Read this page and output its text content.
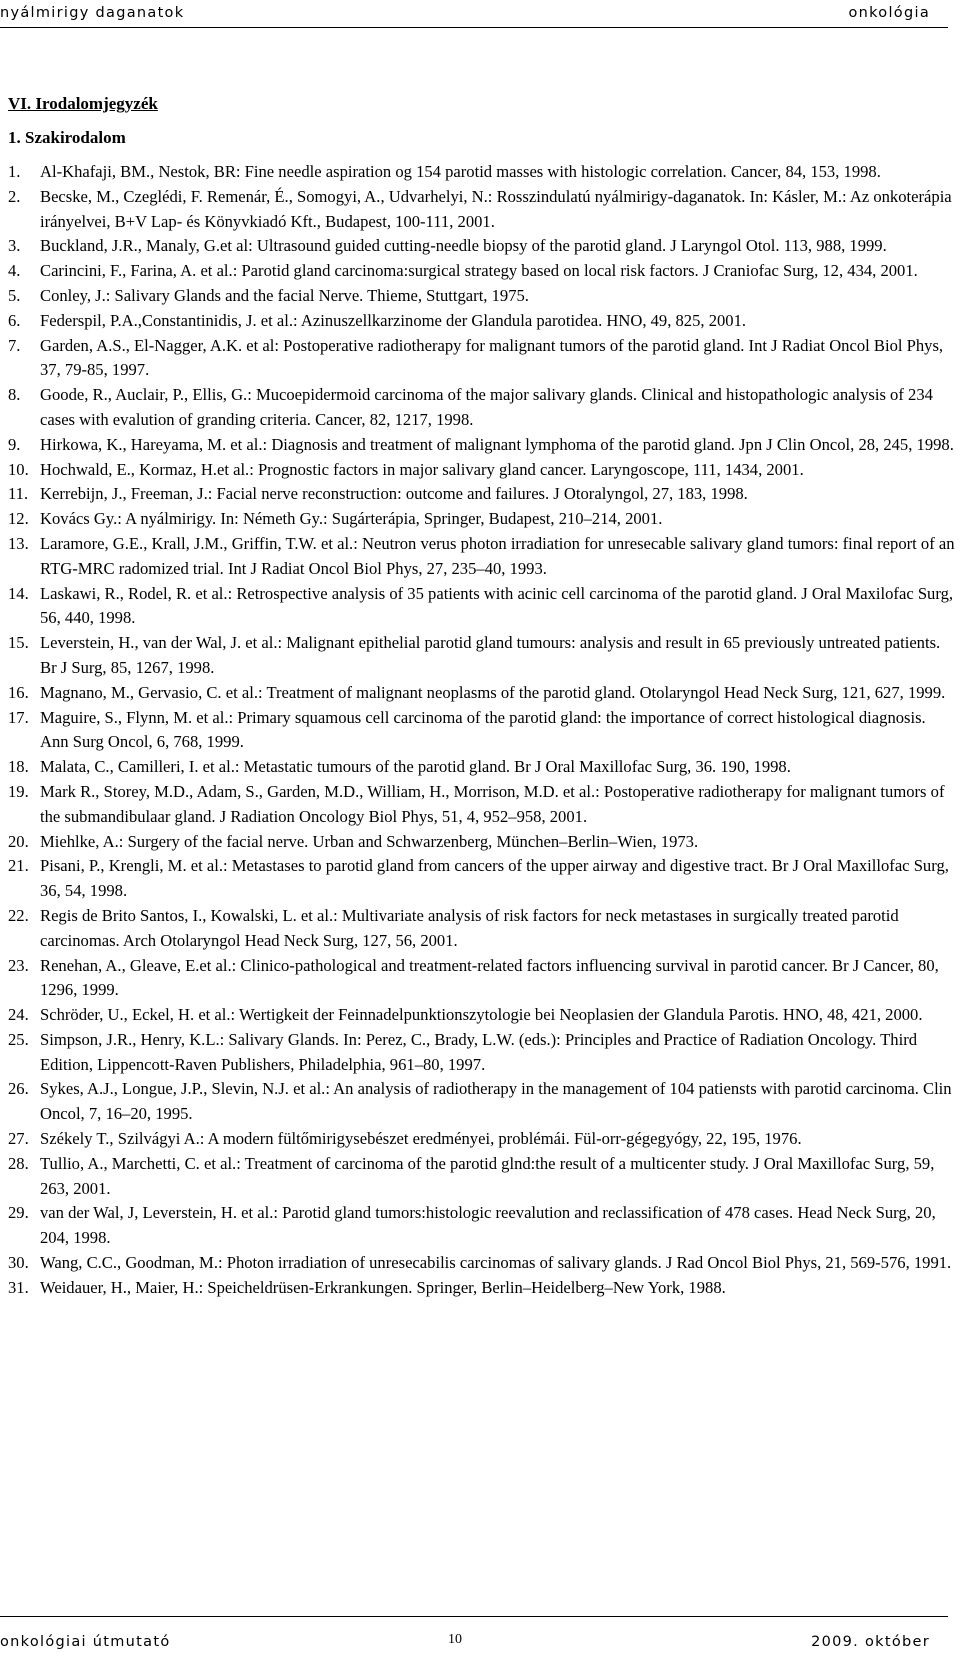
nyálmirigy daganatok	onkológia
VI. Irodalomjegyzék
1. Szakirodalom
1. Al-Khafaji, BM., Nestok, BR: Fine needle aspiration og 154 parotid masses with histologic correlation. Cancer, 84, 153, 1998.
2. Becske, M., Czeglédi, F. Remenár, É., Somogyi, A., Udvarhelyi, N.: Rosszindulatú nyálmirigy-daganatok. In: Kásler, M.: Az onkoterápia irányelvei, B+V Lap- és Könyvkiadó Kft., Budapest, 100-111, 2001.
3. Buckland, J.R., Manaly, G.et al: Ultrasound guided cutting-needle biopsy of the parotid gland. J Laryngol Otol. 113, 988, 1999.
4. Carincini, F., Farina, A. et al.: Parotid gland carcinoma:surgical strategy based on local risk factors. J Craniofac Surg, 12, 434, 2001.
5. Conley, J.: Salivary Glands and the facial Nerve. Thieme, Stuttgart, 1975.
6. Federspil, P.A.,Constantinidis, J. et al.: Azinuszellkarzinome der Glandula parotidea. HNO, 49, 825, 2001.
7. Garden, A.S., El-Nagger, A.K. et al: Postoperative radiotherapy for malignant tumors of the parotid gland. Int J Radiat Oncol Biol Phys, 37, 79-85, 1997.
8. Goode, R., Auclair, P., Ellis, G.: Mucoepidermoid carcinoma of the major salivary glands. Clinical and histopathologic analysis of 234 cases with evalution of granding criteria. Cancer, 82, 1217, 1998.
9. Hirkowa, K., Hareyama, M. et al.: Diagnosis and treatment of malignant lymphoma of the parotid gland. Jpn J Clin Oncol, 28, 245, 1998.
10. Hochwald, E., Kormaz, H.et al.: Prognostic factors in major salivary gland cancer. Laryngoscope, 111, 1434, 2001.
11. Kerrebijn, J., Freeman, J.: Facial nerve reconstruction: outcome and failures. J Otoralyngol, 27, 183, 1998.
12. Kovács Gy.: A nyálmirigy. In: Németh Gy.: Sugárterápia, Springer, Budapest, 210–214, 2001.
13. Laramore, G.E., Krall, J.M., Griffin, T.W. et al.: Neutron verus photon irradiation for unresecable salivary gland tumors: final report of an RTG-MRC radomized trial. Int J Radiat Oncol Biol Phys, 27, 235–40, 1993.
14. Laskawi, R., Rodel, R. et al.: Retrospective analysis of 35 patients with acinic cell carcinoma of the parotid gland. J Oral Maxilofac Surg, 56, 440, 1998.
15. Leverstein, H., van der Wal, J. et al.: Malignant epithelial parotid gland tumours: analysis and result in 65 previously untreated patients. Br J Surg, 85, 1267, 1998.
16. Magnano, M., Gervasio, C. et al.: Treatment of malignant neoplasms of the parotid gland. Otolaryngol Head Neck Surg, 121, 627, 1999.
17. Maguire, S., Flynn, M. et al.: Primary squamous cell carcinoma of the parotid gland: the importance of correct histological diagnosis. Ann Surg Oncol, 6, 768, 1999.
18. Malata, C., Camilleri, I. et al.: Metastatic tumours of the parotid gland. Br J Oral Maxillofac Surg, 36. 190, 1998.
19. Mark R., Storey, M.D., Adam, S., Garden, M.D., William, H., Morrison, M.D. et al.: Postoperative radiotherapy for malignant tumors of the submandibulaar gland. J Radiation Oncology Biol Phys, 51, 4, 952–958, 2001.
20. Miehlke, A.: Surgery of the facial nerve. Urban and Schwarzenberg, München–Berlin–Wien, 1973.
21. Pisani, P., Krengli, M. et al.: Metastases to parotid gland from cancers of the upper airway and digestive tract. Br J Oral Maxillofac Surg, 36, 54, 1998.
22. Regis de Brito Santos, I., Kowalski, L. et al.: Multivariate analysis of risk factors for neck metastases in surgically treated parotid carcinomas. Arch Otolaryngol Head Neck Surg, 127, 56, 2001.
23. Renehan, A., Gleave, E.et al.: Clinico-pathological and treatment-related factors influencing survival in parotid cancer. Br J Cancer, 80, 1296, 1999.
24. Schröder, U., Eckel, H. et al.: Wertigkeit der Feinnadelpunktionszytologie bei Neoplasien der Glandula Parotis. HNO, 48, 421, 2000.
25. Simpson, J.R., Henry, K.L.: Salivary Glands. In: Perez, C., Brady, L.W. (eds.): Principles and Practice of Radiation Oncology. Third Edition, Lippencott-Raven Publishers, Philadelphia, 961–80, 1997.
26. Sykes, A.J., Longue, J.P., Slevin, N.J. et al.: An analysis of radiotherapy in the management of 104 patiensts with parotid carcinoma. Clin Oncol, 7, 16–20, 1995.
27. Székely T., Szilvágyi A.: A modern fültőmirigysebészet eredményei, problémái. Fül-orr-gégegyógy, 22, 195, 1976.
28. Tullio, A., Marchetti, C. et al.: Treatment of carcinoma of the parotid glnd:the result of a multicenter study. J Oral Maxillofac Surg, 59, 263, 2001.
29. van der Wal, J, Leverstein, H. et al.: Parotid gland tumors:histologic reevalution and reclassification of 478 cases. Head Neck Surg, 20, 204, 1998.
30. Wang, C.C., Goodman, M.: Photon irradiation of unresecabilis carcinomas of salivary glands. J Rad Oncol Biol Phys, 21, 569-576, 1991.
31. Weidauer, H., Maier, H.: Speicheldrüsen-Erkrankungen. Springer, Berlin–Heidelberg–New York, 1988.
onkológiai útmutató	10	2009. október
